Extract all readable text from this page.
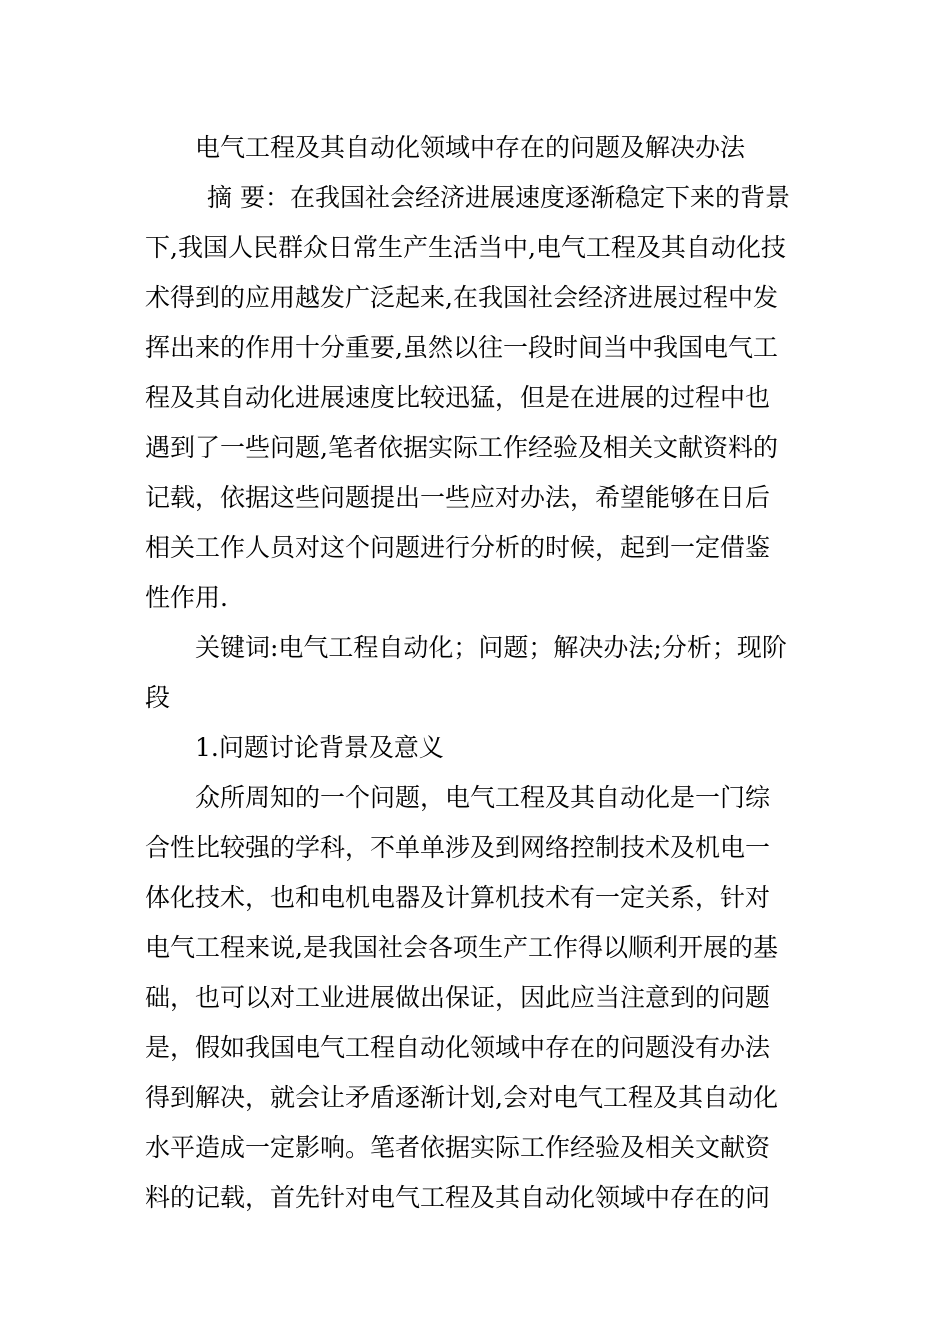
电气工程及其自动化领域中存在的问题及解决办法
摘 要：在我国社会经济进展速度逐渐稳定下来的背景
下,我国人民群众日常生产生活当中,电气工程及其自动化技
术得到的应用越发广泛起来,在我国社会经济进展过程中发
挥出来的作用十分重要,虽然以往一段时间当中我国电气工
程及其自动化进展速度比较迅猛，但是在进展的过程中也
遇到了一些问题,笔者依据实际工作经验及相关文献资料的
记载，依据这些问题提出一些应对办法，希望能够在日后
相关工作人员对这个问题进行分析的时候，起到一定借鉴
性作用.
关键词:电气工程自动化；问题；解决办法;分析；现阶
段
1.问题讨论背景及意义
众所周知的一个问题，电气工程及其自动化是一门综
合性比较强的学科，不单单涉及到网络控制技术及机电一
体化技术，也和电机电器及计算机技术有一定关系，针对
电气工程来说,是我国社会各项生产工作得以顺利开展的基
础，也可以对工业进展做出保证，因此应当注意到的问题
是，假如我国电气工程自动化领域中存在的问题没有办法
得到解决，就会让矛盾逐渐计划,会对电气工程及其自动化
水平造成一定影响。笔者依据实际工作经验及相关文献资
料的记载，首先针对电气工程及其自动化领域中存在的问
